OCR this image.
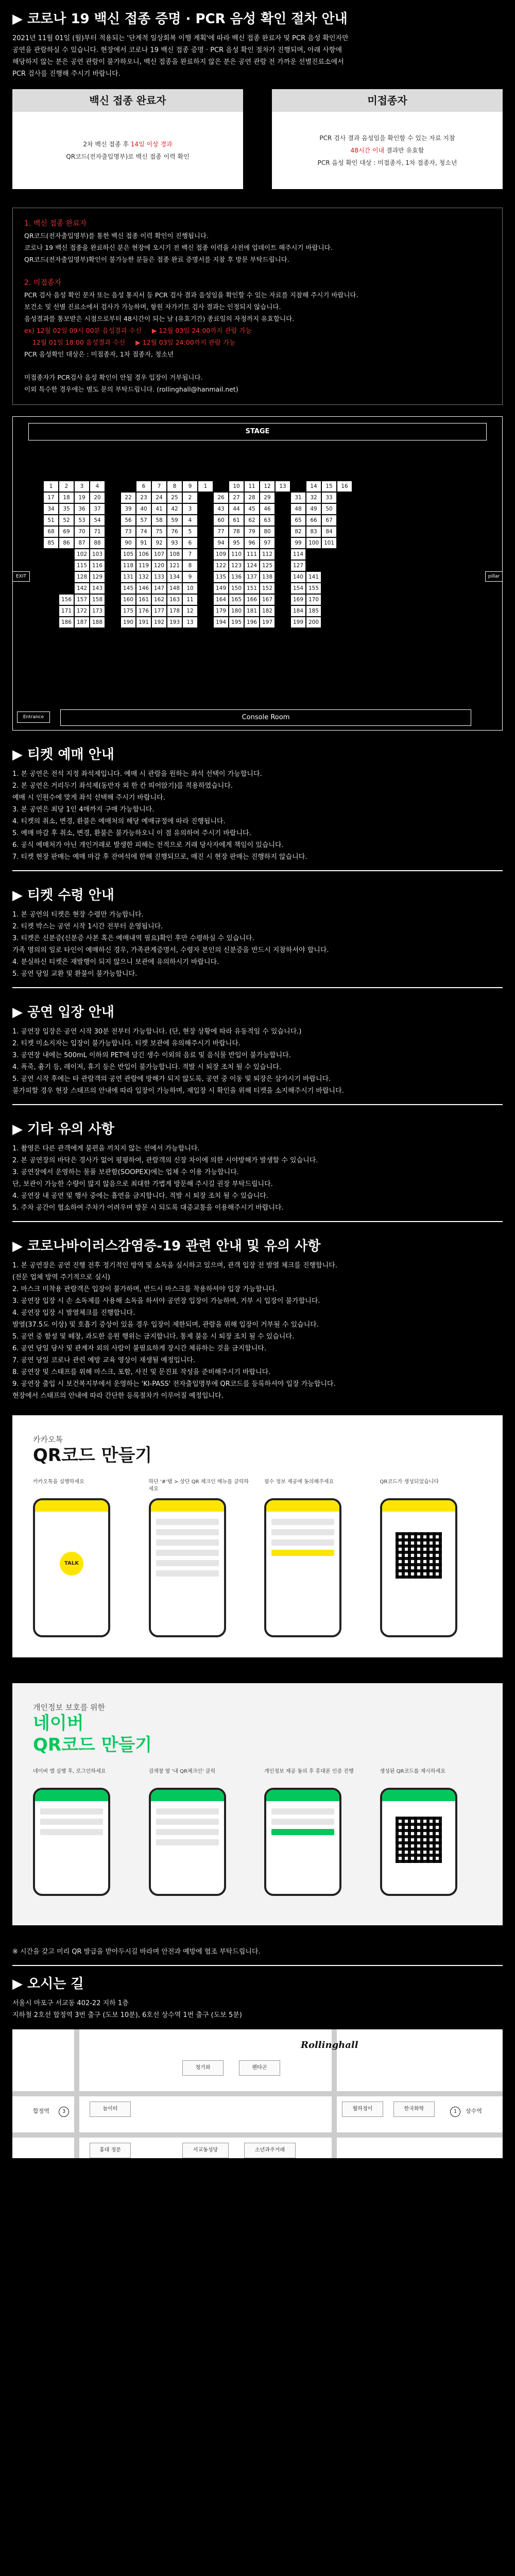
▶ 코로나 19 백신 접종 증명 · PCR 음성 확인 절차 안내
2021년 11월 01일 (월)부터 적용되는 '단계적 일상회복 이행 계획'에 따라 백신 접종 완료자 및 PCR 음성 확인자만
공연을 관람하실 수 있습니다. 현장에서 코로나 19 백신 접종 증명 · PCR 음성 확인 절차가 진행되며, 아래 사항에
해당하지 않는 분은 공연 관람이 불가하오니, 백신 접종을 완료하지 않은 분은 공연 관람 전 가까운 선별진료소에서
PCR 검사를 진행해 주시기 바랍니다.
백신 접종 완료자
2차 백신 접종 후 14일 이상 경과
QR코드(전자출입명부)로 백신 접종 이력 확인
미접종자
PCR 검사 결과 음성임을 확인할 수 있는 자료 지참
48시간 이내 결과만 유효함
PCR 음성 확인 대상 : 미접종자, 1차 접종자, 청소년
1. 백신 접종 완료자
QR코드(전자출입명부)를 통한 백신 접종 이력 확인이 진행됩니다.
코로나 19 백신 접종을 완료하신 분은 현장에 오시기 전 백신 접종 이력을 사전에 업데이트 해주시기 바랍니다.
QR코드(전자출입명부)확인이 불가능한 분들은 접종 완료 증명서를 지참 후 방문 부탁드립니다.
2. 미접종자
PCR 검사 음성 확인 문자 또는 음성 통지서 등 PCR 검사 결과 음성임을 확인할 수 있는 자료를 지참해 주시기 바랍니다.
보건소 및 선별 진료소에서 검사가 가능하며, 항원 자가키트 검사 결과는 인정되지 않습니다.
음성결과를 통보받은 시점으로부터 48시간이 되는 날 (유효기간) 종료일의 자정까지 유효합니다.
ex) 12월 02일 09시 00분 음성결과 수신 ▶ 12월 03일 24:00까지 관람 가능
12월 01일 18:00 음성결과 수신 ▶ 12월 03일 24:00까지 관람 가능
PCR 음성확인 대상은 : 미접종자, 1차 접종자, 청소년
미접종자가 PCR검사 음성 확인이 안될 경우 입장이 거부됩니다.
이외 특수한 경우에는 별도 문의 부탁드립니다. (rollinghall@hanmail.net)
STAGE
EXIT	pillar
1	2	3	4	6	7	8	9	1	10	11	12	13	14	15	16
17	18	19	20	22	23	24	25	2	26	27	28	29	31	32	33
34	35	36	37	39	40	41	42	3	43	44	45	46	48	49	50
51	52	53	54	56	57	58	59	4	60	61	62	63	65	66	67
68	69	70	71	73	74	75	76	5	77	78	79	80	82	83	84
85	86	87	88	90	91	92	93	6	94	95	96	97	99	100 101
102 103	105 106 107 108	7	109 110 111 112	114
115 116	118 119 120 121	8	122 123 124 125	127
128 129	131 132 133 134	9	135 136 137 138	140 141
142 143	145 146 147 148	10	149 150 151 152	154 155
156 157 158	160 161 162 163	11	164 165 166 167	169 170
171 172 173	175 176 177 178	12	179 180 181 182	184 185
186 187 188	190 191 192 193	13	194 195 196 197	199 200
Entrance	Console Room
▶ 티켓 예매 안내
1. 본 공연은 전석 지정 좌석제입니다. 예매 시 관람을 원하는 좌석 선택이 가능합니다.
2. 본 공연은 거리두기 좌석제(동반자 외 한 칸 띄어앉기)를 적용하였습니다.
예매 시 인원수에 맞게 좌석 선택해 주시기 바랍니다.
3. 본 공연은 최당 1인 4매까지 구매 가능합니다.
4. 티켓의 취소, 변경, 환불은 예매처의 해당 예매규정에 따라 진행됩니다.
5. 예매 마감 후 취소, 변경, 환불은 불가능하오니 이 점 유의하여 주시기 바랍니다.
6. 공식 예매처가 아닌 개인거래로 발생한 피해는 전적으로 거래 당사자에게 책임이 있습니다.
7. 티켓 현장 판매는 예매 마감 후 잔여석에 한해 진행되므로, 매진 시 현장 판매는 진행하지 않습니다.
▶ 티켓 수령 안내
1. 본 공연의 티켓은 현장 수령만 가능합니다.
2. 티켓 박스는 공연 시작 1시간 전부터 운영됩니다.
3. 티켓은 신분증(신분증 사본 혹은 예매내역 필요)확인 후만 수령하실 수 있습니다.
가족 명의의 일로 타인이 예매하신 경우, 가족관계증명서, 수령자 본인의 신분증을 반드시 지참하셔야 합니다.
4. 분실하신 티켓은 재발행이 되지 않으니 보관에 유의하시기 바랍니다.
5. 공연 당일 교환 및 환불이 불가능합니다.
▶ 공연 입장 안내
1. 공연장 입장은 공연 시작 30분 전부터 가능합니다. (단, 현장 상황에 따라 유동적일 수 있습니다.)
2. 티켓 미소지자는 입장이 불가능합니다. 티켓 보관에 유의해주시기 바랍니다.
3. 공연장 내에는 500mL 이하의 PET에 담긴 생수 이외의 음료 및 음식물 반입이 불가능합니다.
4. 폭죽, 흉기 등, 레이저, 휴기 등은 반입이 불가능합니다. 적발 시 퇴장 조치 될 수 있습니다.
5. 공연 시작 후에는 타 관람객의 공연 관람에 방해가 되지 않도록, 공연 중 이동 및 퇴장은 삼가시기 바랍니다.
불가피할 경우 현장 스태프의 안내에 따라 입장이 가능하며, 재입장 시 확인을 위해 티켓을 소지해주시기 바랍니다.
▶ 기타 유의 사항
1. 촬영은 다른 관객에게 불편을 끼치지 않는 선에서 가능합니다.
2. 본 공연장의 바닥은 경사가 없어 평평하여, 관람객의 신장 차이에 의한 시야방해가 발생할 수 있습니다.
3. 공연장에서 운영하는 물품 보관함(SOOPEX)에는 업체 수 이용 가능합니다.
단, 보관이 가능한 수량이 많지 않음으로 최대한 가볍게 방문해 주시길 권장 부탁드립니다.
4. 공연장 내 공연 및 행사 중에는 흡연을 금지합니다. 적발 시 퇴장 조치 될 수 있습니다.
5. 주차 공간이 협소하여 주차가 어려우며 방문 시 되도록 대중교통을 이용해주시기 바랍니다.
▶ 코로나바이러스감염증-19 관련 안내 및 유의 사항
1. 본 공연장은 공연 진행 전후 정기적인 방역 및 소독을 실시하고 있으며, 관객 입장 전 발열 체크를 진행합니다.
(전문 업체 방역 주기적으로 실시)
2. 마스크 미착용 관람객은 입장이 불가하며, 반드시 마스크를 착용하셔야 입장 가능합니다.
3. 공연장 입장 시 손 소독제를 사용해 소독을 하셔야 공연장 입장이 가능하며, 거부 시 입장이 불가합니다.
4. 공연장 입장 시 발열체크를 진행합니다.
발열(37.5도 이상) 및 호흡기 증상이 있을 경우 입장이 제한되며, 관람을 위해 입장이 거부될 수 있습니다.
5. 공연 중 함성 및 떼창, 과도한 응원 행위는 금지합니다. 통제 불응 시 퇴장 조치 될 수 있습니다.
6. 공연 당일 당사 및 관계자 외의 사람이 불필요하게 장시간 체류하는 것을 금지합니다.
7. 공연 당일 코로나 관련 예방 교육 영상이 재생될 예정입니다.
8. 공연장 및 스태프를 위해 마스크, 포함, 사진 및 문진표 작성을 준비해주시기 바랍니다.
9. 공연장 출입 시 보건복지부에서 운영하는 'KI-PASS' 전자출입명부에 QR코드를 등록하셔야 입장 가능합니다.
현장에서 스태프의 안내에 따라 간단한 등록절차가 이루어질 예정입니다.
카카오톡
QR코드 만들기
카카오톡을 실행하세요
TALK
하단 '#'탭 > 상단 QR 체크인 메뉴를 클릭하세요
필수 정보 제공에 동의해주세요	QR코드가 생성되었습니다
개인정보 보호를 위한
네이버
QR코드 만들기
네이버 앱 실행 후, 로그인하세요	검색창 옆 '내 QR체크인' 클릭	개인정보 제공 동의 후 휴대폰 인증 진행	생성된 QR코드를 제시하세요
※ 시간을 갖고 미리 QR 발급을 받아두시길 바라며 안전과 예방에 협조 부탁드립니다.
▶ 오시는 길
서울시 마포구 서교동 402-22 지하 1층
지하철 2호선 합정역 3번 출구 (도보 10분), 6호선 상수역 1번 출구 (도보 5분)
Rollinghall
청기와	펜타곤
월하정이	한국화학
놀이터
홍대 정문	서교동성당	소년과주거래
합정역	상수역
3	1
